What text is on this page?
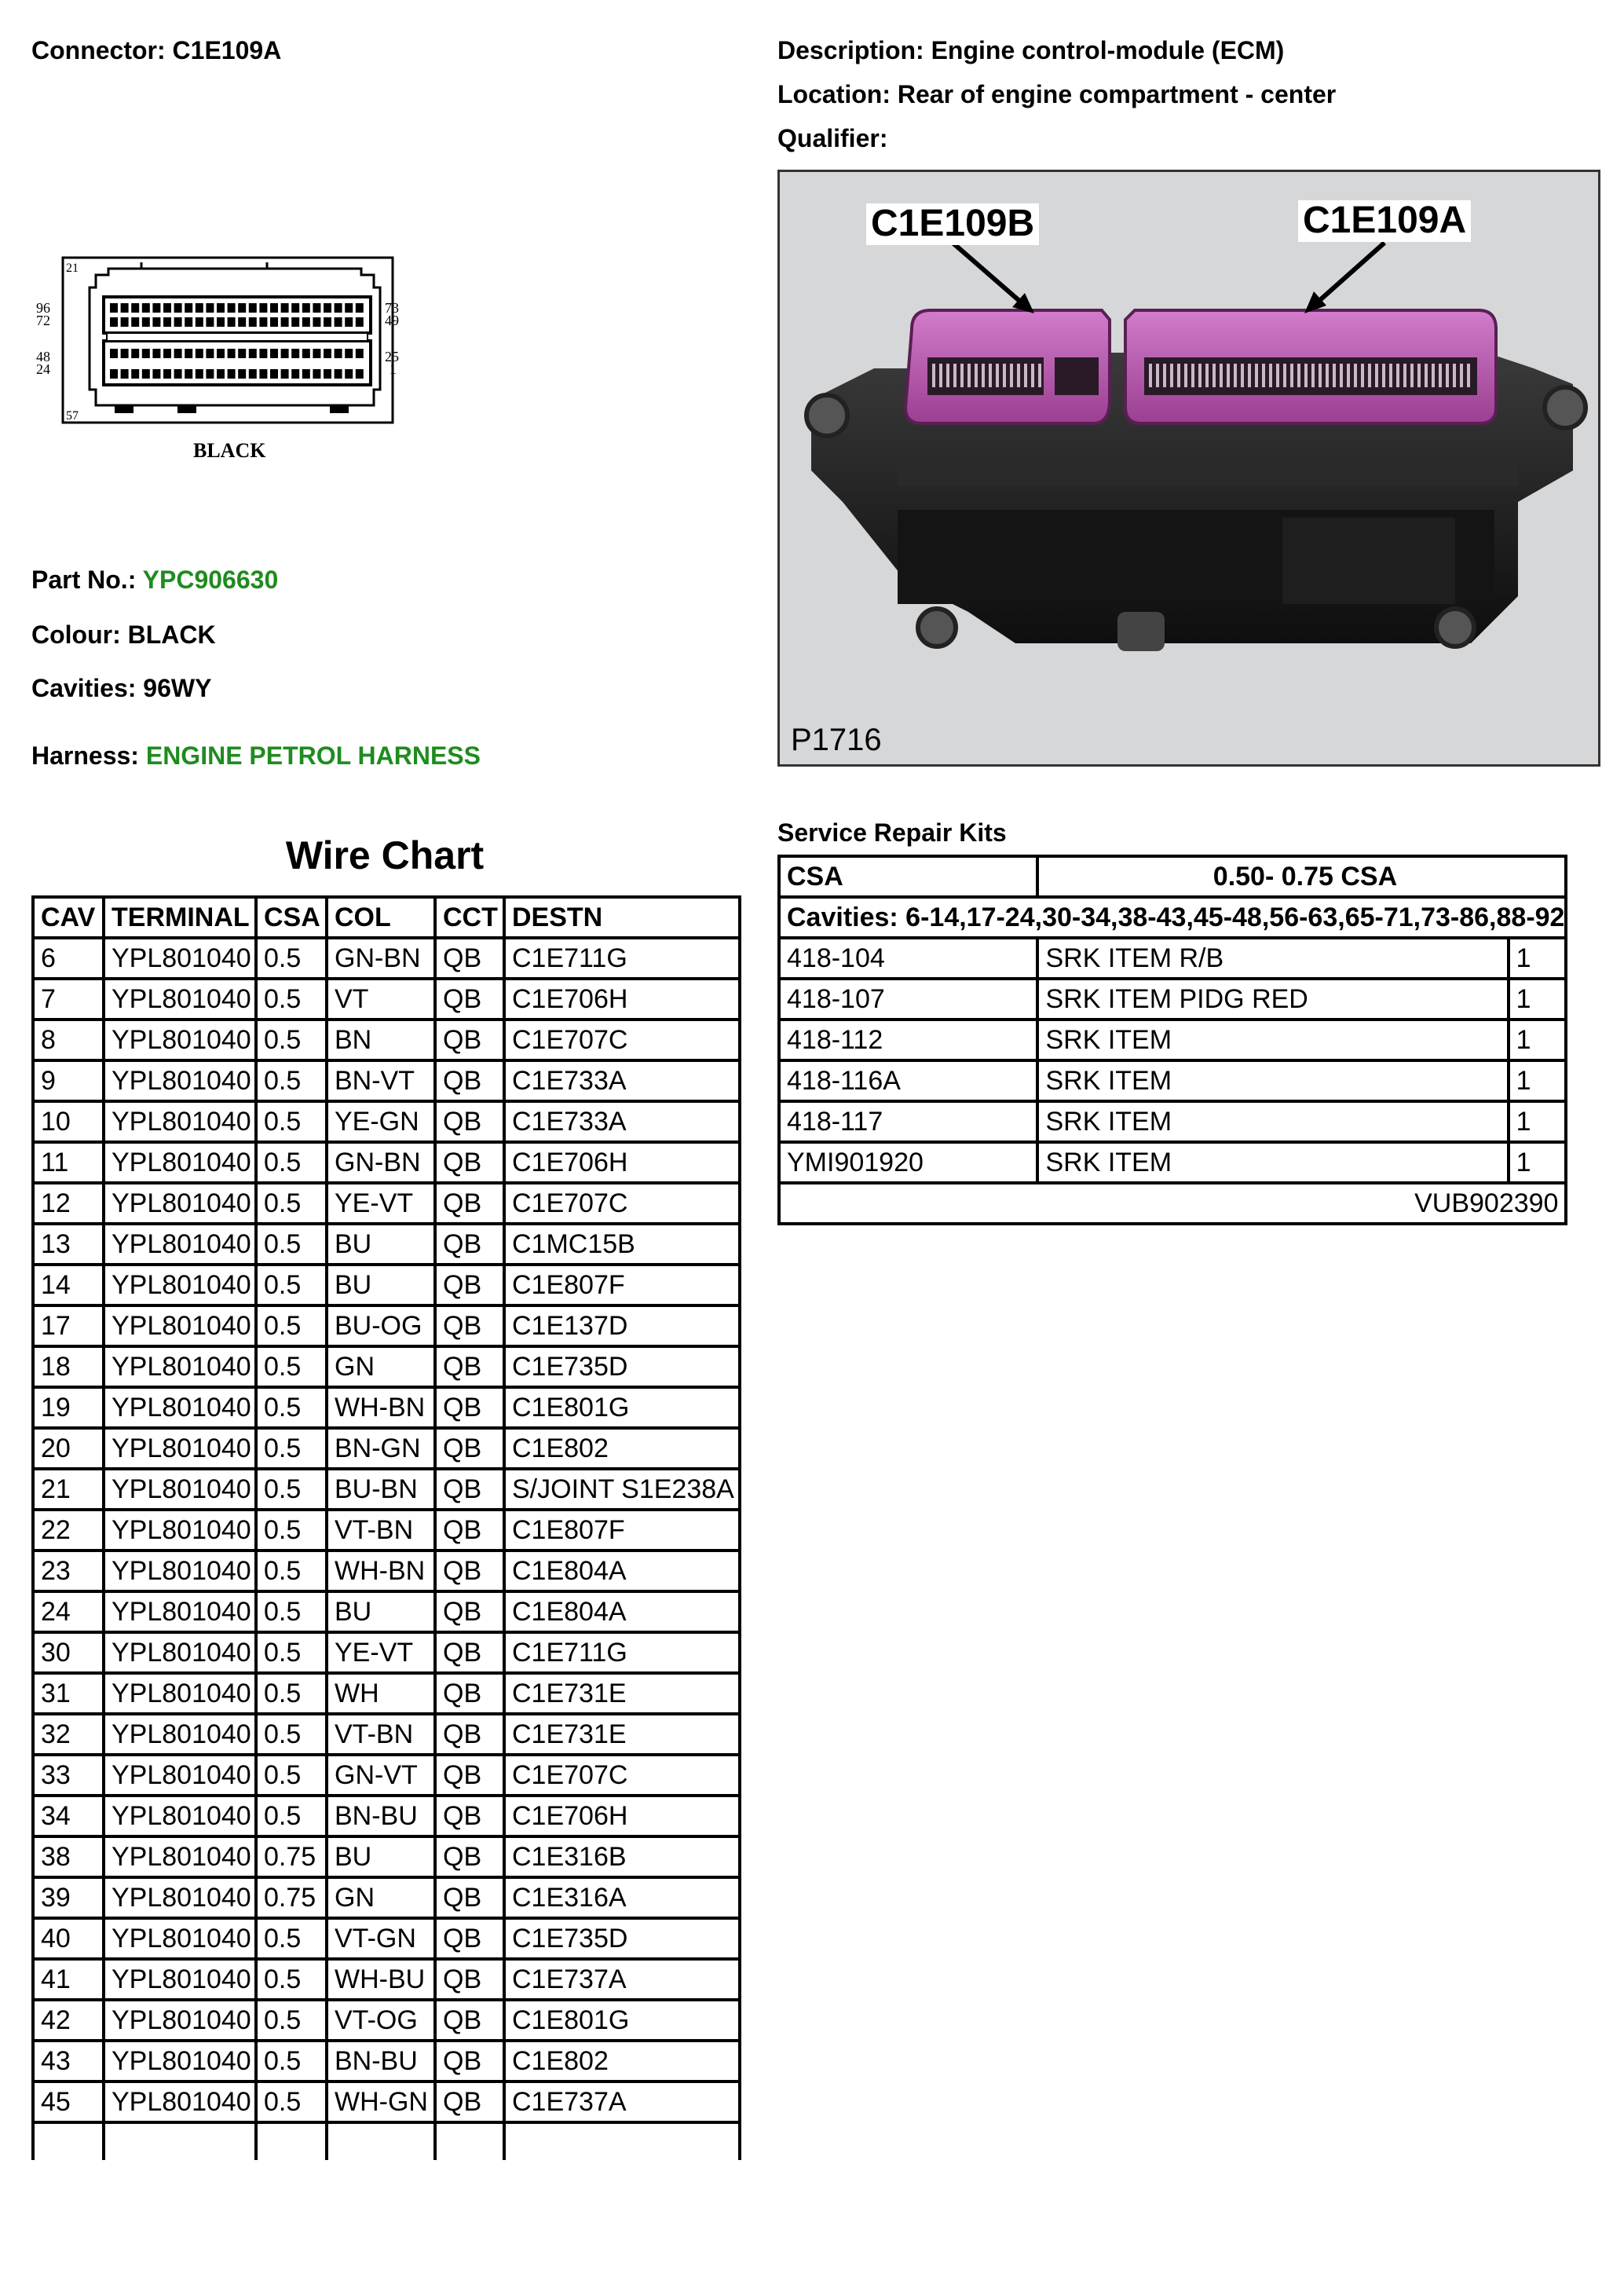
Connector: C1E109A	Description: Engine control-module (ECM)
Location: Rear of engine compartment - center
Qualifier:
21
57
96
72
48
24
73
49
25
1
BLACK
Part No.: YPC906630
Colour: BLACK
Cavities: 96WY
Harness: ENGINE PETROL HARNESS
C1E109B	C1E109A
P1716
Wire Chart
CAV	TERMINAL	CSA	COL	CCT	DESTN
6	YPL801040	0.5	GN-BN	QB	C1E711G
7	YPL801040	0.5	VT	QB	C1E706H
8	YPL801040	0.5	BN	QB	C1E707C
9	YPL801040	0.5	BN-VT	QB	C1E733A
10	YPL801040	0.5	YE-GN	QB	C1E733A
11	YPL801040	0.5	GN-BN	QB	C1E706H
12	YPL801040	0.5	YE-VT	QB	C1E707C
13	YPL801040	0.5	BU	QB	C1MC15B
14	YPL801040	0.5	BU	QB	C1E807F
17	YPL801040	0.5	BU-OG	QB	C1E137D
18	YPL801040	0.5	GN	QB	C1E735D
19	YPL801040	0.5	WH-BN	QB	C1E801G
20	YPL801040	0.5	BN-GN	QB	C1E802
21	YPL801040	0.5	BU-BN	QB	S/JOINT S1E238A
22	YPL801040	0.5	VT-BN	QB	C1E807F
23	YPL801040	0.5	WH-BN	QB	C1E804A
24	YPL801040	0.5	BU	QB	C1E804A
30	YPL801040	0.5	YE-VT	QB	C1E711G
31	YPL801040	0.5	WH	QB	C1E731E
32	YPL801040	0.5	VT-BN	QB	C1E731E
33	YPL801040	0.5	GN-VT	QB	C1E707C
34	YPL801040	0.5	BN-BU	QB	C1E706H
38	YPL801040	0.75	BU	QB	C1E316B
39	YPL801040	0.75	GN	QB	C1E316A
40	YPL801040	0.5	VT-GN	QB	C1E735D
41	YPL801040	0.5	WH-BU	QB	C1E737A
42	YPL801040	0.5	VT-OG	QB	C1E801G
43	YPL801040	0.5	BN-BU	QB	C1E802
45	YPL801040	0.5	WH-GN	QB	C1E737A

Service Repair Kits
CSA	0.50- 0.75 CSA	
Cavities: 6-14,17-24,30-34,38-43,45-48,56-63,65-71,73-86,88-92		
418-104	SRK ITEM R/B	1
418-107	SRK ITEM PIDG RED	1
418-112	SRK ITEM	1
418-116A	SRK ITEM	1
418-117	SRK ITEM	1
YMI901920	SRK ITEM	1
VUB902390		
